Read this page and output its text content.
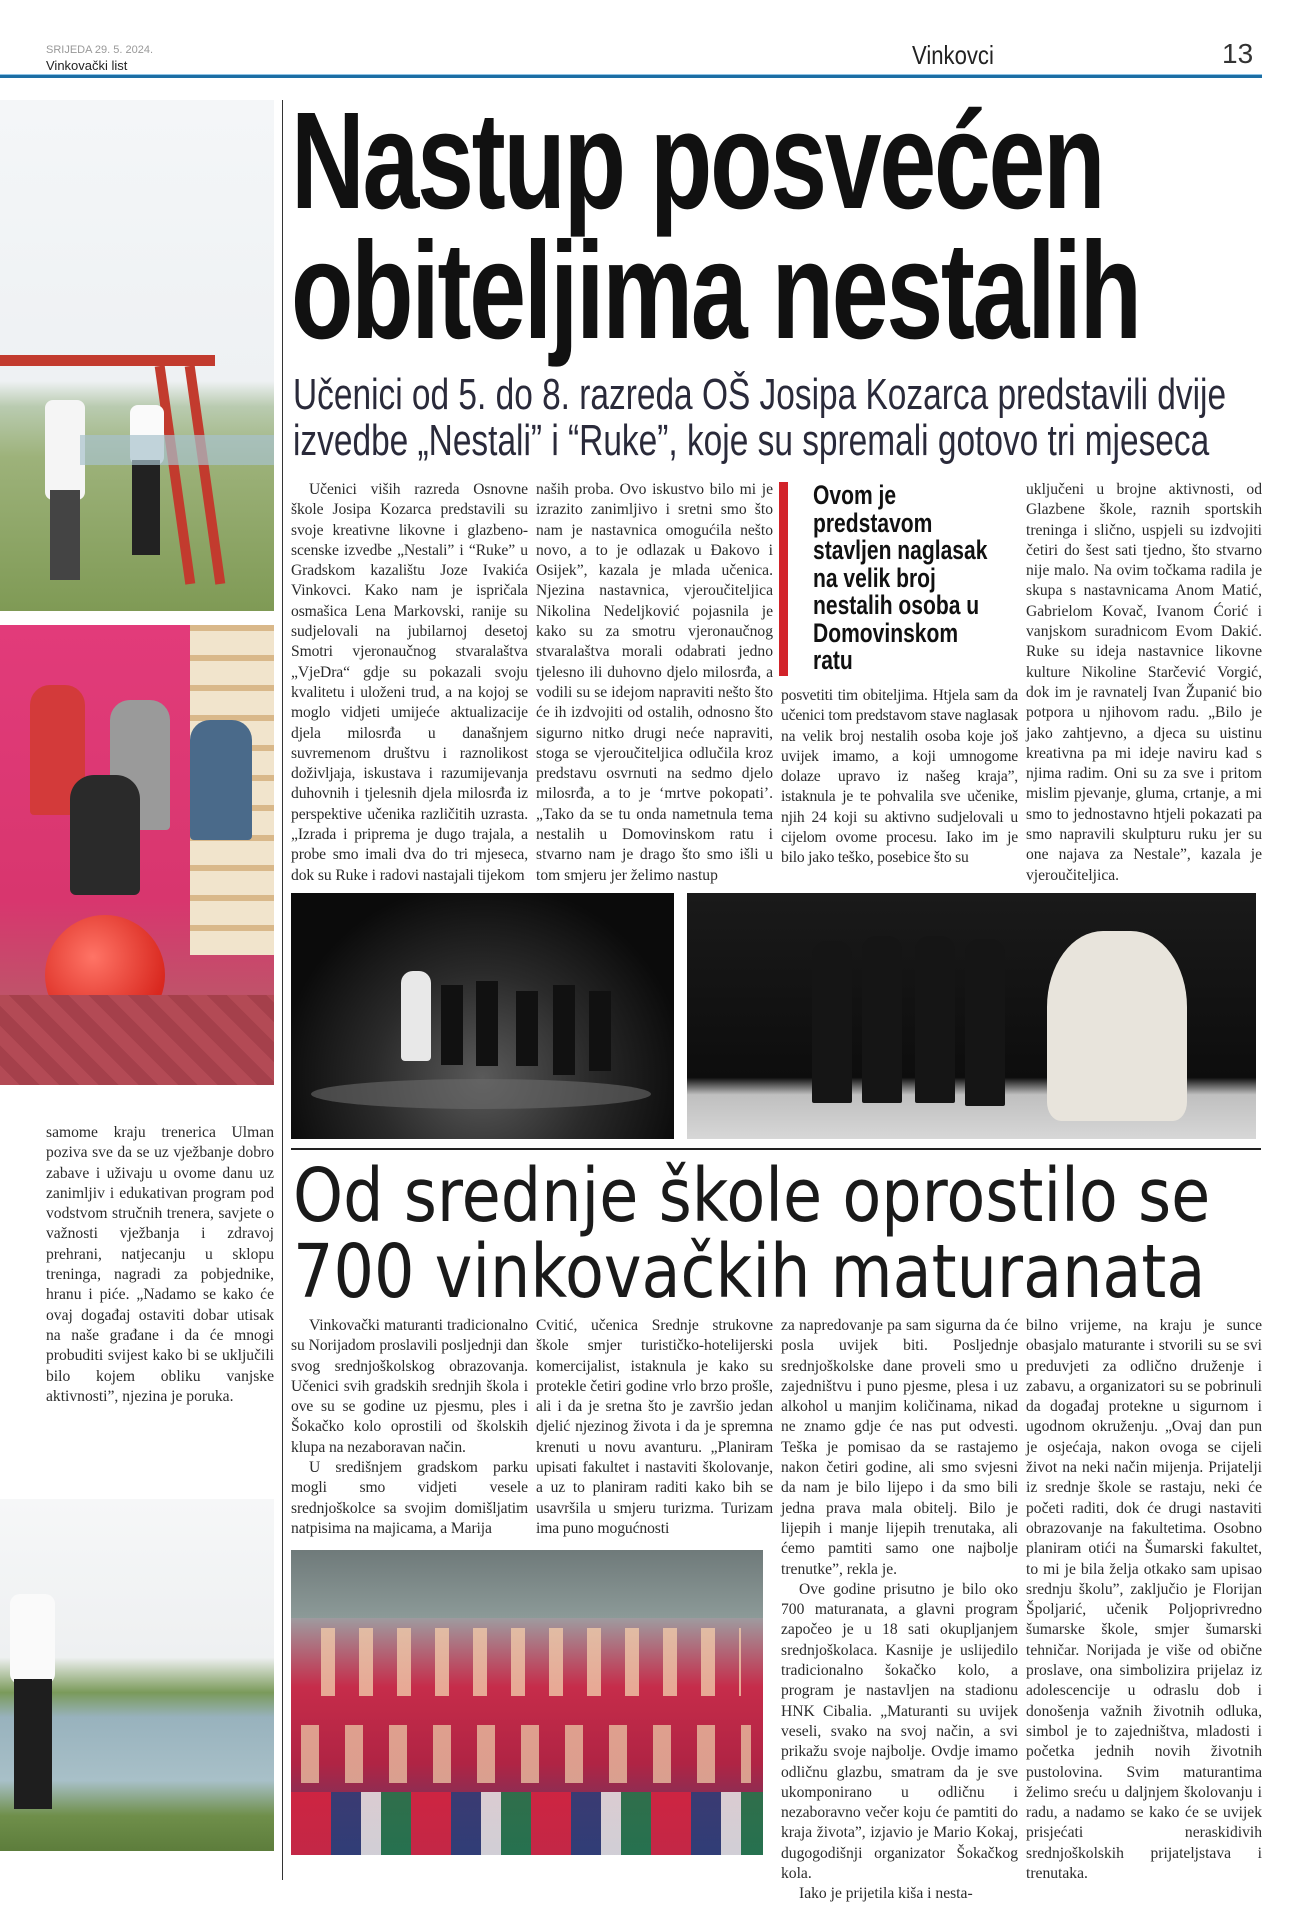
SRIJEDA 29. 5. 2024.
Vinkovački list	Vinkovci	13

samome kraju trenerica Ulman poziva sve da se uz vježbanje dobro zabave i uživaju u ovome danu uz zanimljiv i edukativan program pod vodstvom stručnih trenera, savjete o važnosti vježbanja i zdravoj prehrani, natjecanju u sklopu treninga, nagradi za pobjednike, hranu i piće. „Nadamo se kako će ovaj događaj ostaviti dobar utisak na naše građane i da će mnogi probuditi svijest kako bi se uključili bilo kojem obliku vanjske aktivnosti”, njezina je poruka.

Nastup posvećen
obiteljima nestalih
Učenici od 5. do 8. razreda OŠ Josipa Kozarca predstavili dvije
izvedbe „Nestali” i “Ruke”, koje su spremali gotovo tri mjeseca

Učenici viših razreda Osnovne škole Josipa Kozarca predstavili su svoje kreativne likovne i glazbeno-scenske izvedbe „Nestali” i “Ruke” u Gradskom kazalištu Joze Ivakića Vinkovci. Kako nam je ispričala osmašica Lena Markovski, ranije su sudjelovali na jubilarnoj desetoj Smotri vjeronaučnog stvaralaštva „VjeDra“ gdje su pokazali svoju kvalitetu i uloženi trud, a na kojoj se moglo vidjeti umijeće aktualizacije djela milosrđa u današnjem suvremenom društvu i raznolikost doživljaja, iskustava i razumijevanja duhovnih i tjelesnih djela milosrđa iz perspektive učenika različitih uzrasta. „Izrada i priprema je dugo trajala, a probe smo imali dva do tri mjeseca, dok su Ruke i radovi nastajali tijekom

naših proba. Ovo iskustvo bilo mi je izrazito zanimljivo i sretni smo što nam je nastavnica omogućila nešto novo, a to je odlazak u Đakovo i Osijek”, kazala je mlada učenica. Njezina nastavnica, vjeroučiteljica Nikolina Nedeljković pojasnila je kako su za smotru vjeronaučnog stvaralaštva morali odabrati jedno tjelesno ili duhovno djelo milosrđa, a vodili su se idejom napraviti nešto što će ih izdvojiti od ostalih, odnosno što sigurno nitko drugi neće napraviti, stoga se vjeroučiteljica odlučila kroz predstavu osvrnuti na sedmo djelo milosrđa, a to je ‘mrtve pokopati’. „Tako da se tu onda nametnula tema nestalih u Domovinskom ratu i stvarno nam je drago što smo išli u tom smjeru jer želimo nastup

Ovom je predstavom stavljen naglasak na velik broj nestalih osoba u Domovinskom ratu

posvetiti tim obiteljima. Htjela sam da učenici tom predstavom stave naglasak na velik broj nestalih osoba koje još uvijek imamo, a koji umnogome dolaze upravo iz našeg kraja”, istaknula je te pohvalila sve učenike, njih 24 koji su aktivno sudjelovali u cijelom ovome procesu. Iako im je bilo jako teško, posebice što su

uključeni u brojne aktivnosti, od Glazbene škole, raznih sportskih treninga i slično, uspjeli su izdvojiti četiri do šest sati tjedno, što stvarno nije malo. Na ovim točkama radila je skupa s nastavnicama Anom Matić, Gabrielom Kovač, Ivanom Ćorić i vanjskom suradnicom Evom Dakić. Ruke su ideja nastavnice likovne kulture Nikoline Starčević Vorgić, dok im je ravnatelj Ivan Županić bio potpora u njihovom radu. „Bilo je jako zahtjevno, a djeca su uistinu kreativna pa mi ideje naviru kad s njima radim. Oni su za sve i pritom mislim pjevanje, gluma, crtanje, a mi smo to jednostavno htjeli pokazati pa smo napravili skulpturu ruku jer su one najava za Nestale”, kazala je vjeroučiteljica.

Od srednje škole oprostilo se
700 vinkovačkih maturanata

Vinkovački maturanti tradicionalno su Norijadom proslavili posljednji dan svog srednjoškolskog obrazovanja. Učenici svih gradskih srednjih škola i ove su se godine uz pjesmu, ples i Šokačko kolo oprostili od školskih klupa na nezaboravan način.

U središnjem gradskom parku mogli smo vidjeti vesele srednjoškolce sa svojim domišljatim natpisima na majicama, a Marija

Cvitić, učenica Srednje strukovne škole smjer turističko-hotelijerski komercijalist, istaknula je kako su protekle četiri godine vrlo brzo prošle, ali i da je sretna što je završio jedan djelić njezinog života i da je spremna krenuti u novu avanturu. „Planiram upisati fakultet i nastaviti školovanje, a uz to planiram raditi kako bih se usavršila u smjeru turizma. Turizam ima puno mogućnosti

za napredovanje pa sam sigurna da će posla uvijek biti. Posljednje srednjoškolske dane proveli smo u zajedništvu i puno pjesme, plesa i uz alkohol u manjim količinama, nikad ne znamo gdje će nas put odvesti. Teška je pomisao da se rastajemo nakon četiri godine, ali smo svjesni da nam je bilo lijepo i da smo bili jedna prava mala obitelj. Bilo je lijepih i manje lijepih trenutaka, ali ćemo pamtiti samo one najbolje trenutke”, rekla je.

Ove godine prisutno je bilo oko 700 maturanata, a glavni program započeo je u 18 sati okupljanjem srednjoškolaca. Kasnije je uslijedilo tradicionalno šokačko kolo, a program je nastavljen na stadionu HNK Cibalia. „Maturanti su uvijek veseli, svako na svoj način, a svi prikažu svoje najbolje. Ovdje imamo odličnu glazbu, smatram da je sve ukomponirano u odličnu i nezaboravno večer koju će pamtiti do kraja života”, izjavio je Mario Kokaj, dugogodišnji organizator Šokačkog kola.

Iako je prijetila kiša i nesta-

bilno vrijeme, na kraju je sunce obasjalo maturante i stvorili su se svi preduvjeti za odlično druženje i zabavu, a organizatori su se pobrinuli da događaj protekne u sigurnom i ugodnom okruženju. „Ovaj dan pun je osjećaja, nakon ovoga se cijeli život na neki način mijenja. Prijatelji iz srednje škole se rastaju, neki će početi raditi, dok će drugi nastaviti obrazovanje na fakultetima. Osobno planiram otići na Šumarski fakultet, to mi je bila želja otkako sam upisao srednju školu”, zaključio je Florijan Špoljarić, učenik Poljoprivredno šumarske škole, smjer šumarski tehničar. Norijada je više od obične proslave, ona simbolizira prijelaz iz adolescencije u odraslu dob i donošenja važnih životnih odluka, simbol je to zajedništva, mladosti i početka jednih novih životnih pustolovina. Svim maturantima želimo sreću u daljnjem školovanju i radu, a nadamo se kako će se uvijek prisjećati neraskidivih srednjoškolskih prijateljstava i trenutaka.
